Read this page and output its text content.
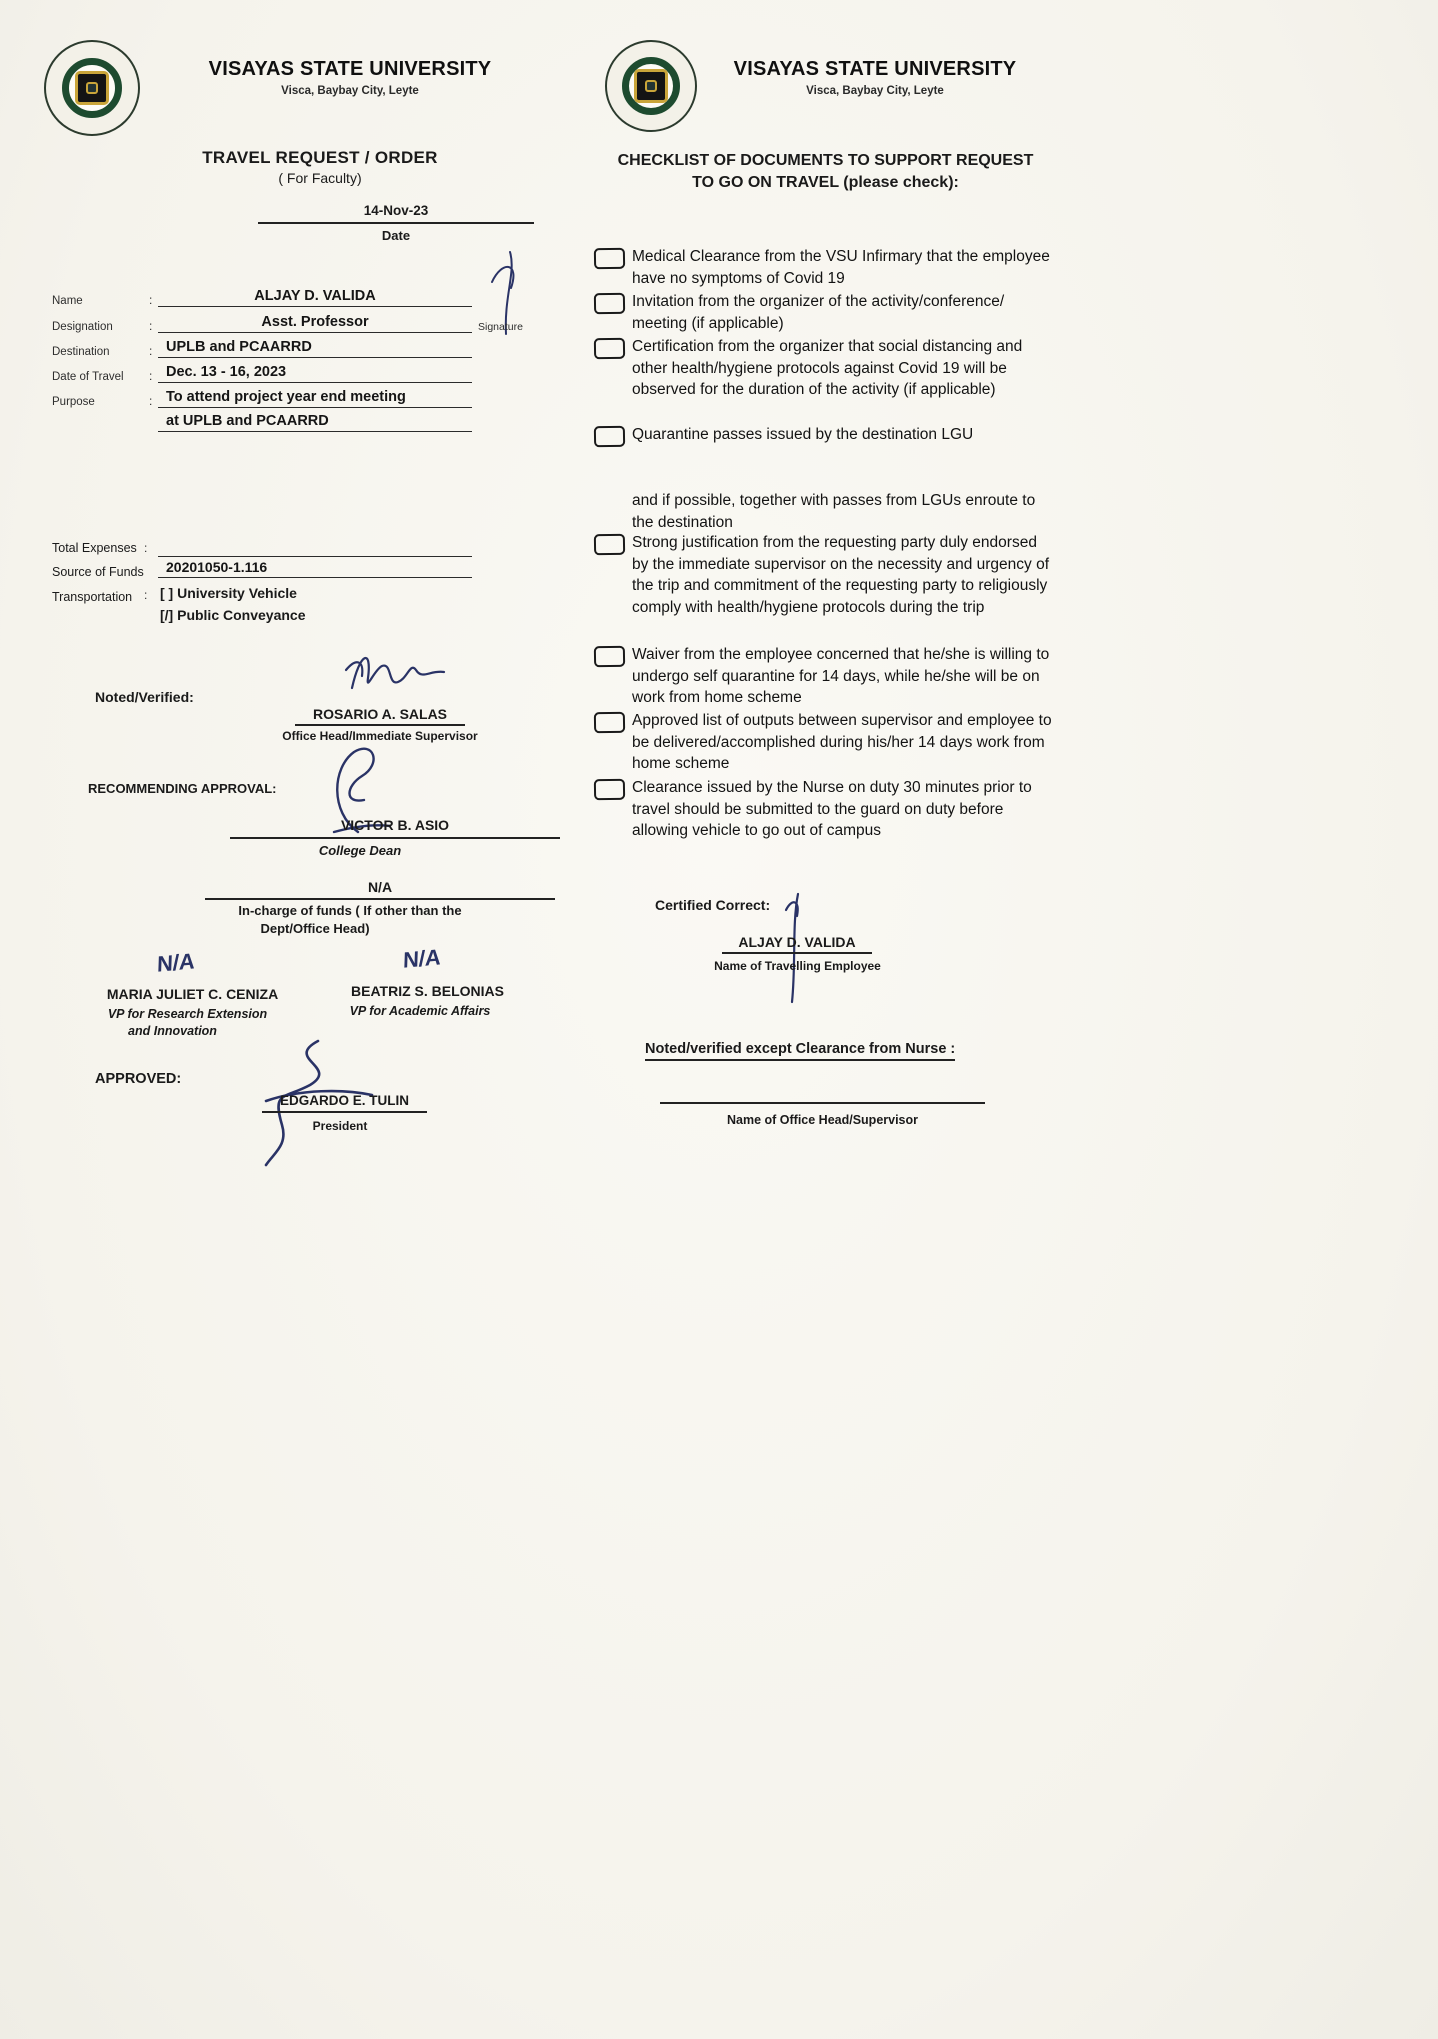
VISAYAS STATE UNIVERSITY
Visca, Baybay City, Leyte
TRAVEL REQUEST / ORDER
( For Faculty)
14-Nov-23
Date
Name	:	ALJAY D. VALIDA
Designation	:	Asst. Professor	Signature
Destination	: UPLB and PCAARRD
Date of Travel : Dec. 13 - 16, 2023
Purpose	: To attend project year end meeting
at UPLB and PCAARRD
Total Expenses :
Source of Funds	20201050-1.116
Transportation : [ ] University Vehicle
[/] Public Conveyance
Noted/Verified:
ROSARIO A. SALAS
Office Head/Immediate Supervisor
RECOMMENDING APPROVAL:
VICTOR B. ASIO
College Dean
N/A
In-charge of funds ( If other than the
Dept/Office Head)
N/A
MARIA JULIET C. CENIZA
VP for Research Extension
and Innovation
N/A
BEATRIZ S. BELONIAS
VP for Academic Affairs
APPROVED:
EDGARDO E. TULIN
President
VISAYAS STATE UNIVERSITY
Visca, Baybay City, Leyte
CHECKLIST OF DOCUMENTS TO SUPPORT REQUEST
TO GO ON TRAVEL (please check):
Medical Clearance from the VSU Infirmary that the employee have no symptoms of Covid 19
Invitation from the organizer of the activity/conference/ meeting (if applicable)
Certification from the organizer that social distancing and other health/hygiene protocols against Covid 19 will be observed for the duration of the activity (if applicable)
Quarantine passes issued by the destination LGU
and if possible, together with passes from LGUs enroute to the destination
Strong justification from the requesting party duly endorsed by the immediate supervisor on the necessity and urgency of the trip and commitment of the requesting party to religiously comply with health/hygiene protocols during the trip
Waiver from the employee concerned that he/she is willing to undergo self quarantine for 14 days, while he/she will be on work from home scheme
Approved list of outputs between supervisor and employee to be delivered/accomplished during his/her 14 days work from home scheme
Clearance issued by the Nurse on duty 30 minutes prior to travel should be submitted to the guard on duty before allowing vehicle to go out of campus
Certified Correct:
ALJAY D. VALIDA
Name of Travelling Employee
Noted/verified except Clearance from Nurse :
Name of Office Head/Supervisor
